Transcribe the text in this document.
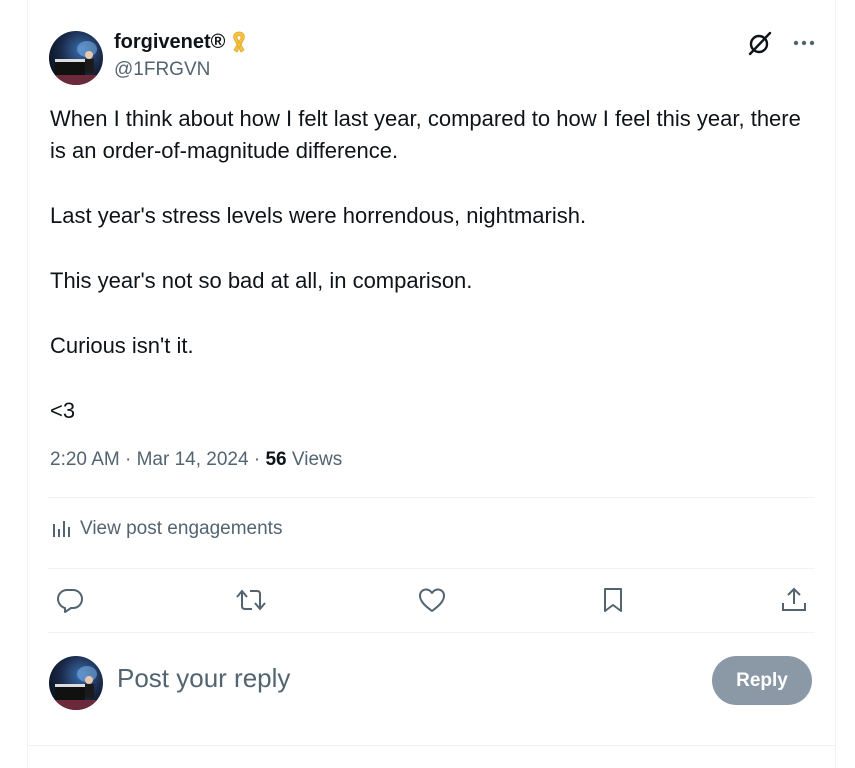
forgivenet®
@1FRGVN

When I think about how I felt last year, compared to how I feel this year, there is an order-of-magnitude difference.

Last year's stress levels were horrendous, nightmarish.

This year's not so bad at all, in comparison.

Curious isn't it.

<3

2:20 AM · Mar 14, 2024 · 56 Views
View post engagements
Post your reply
Reply
